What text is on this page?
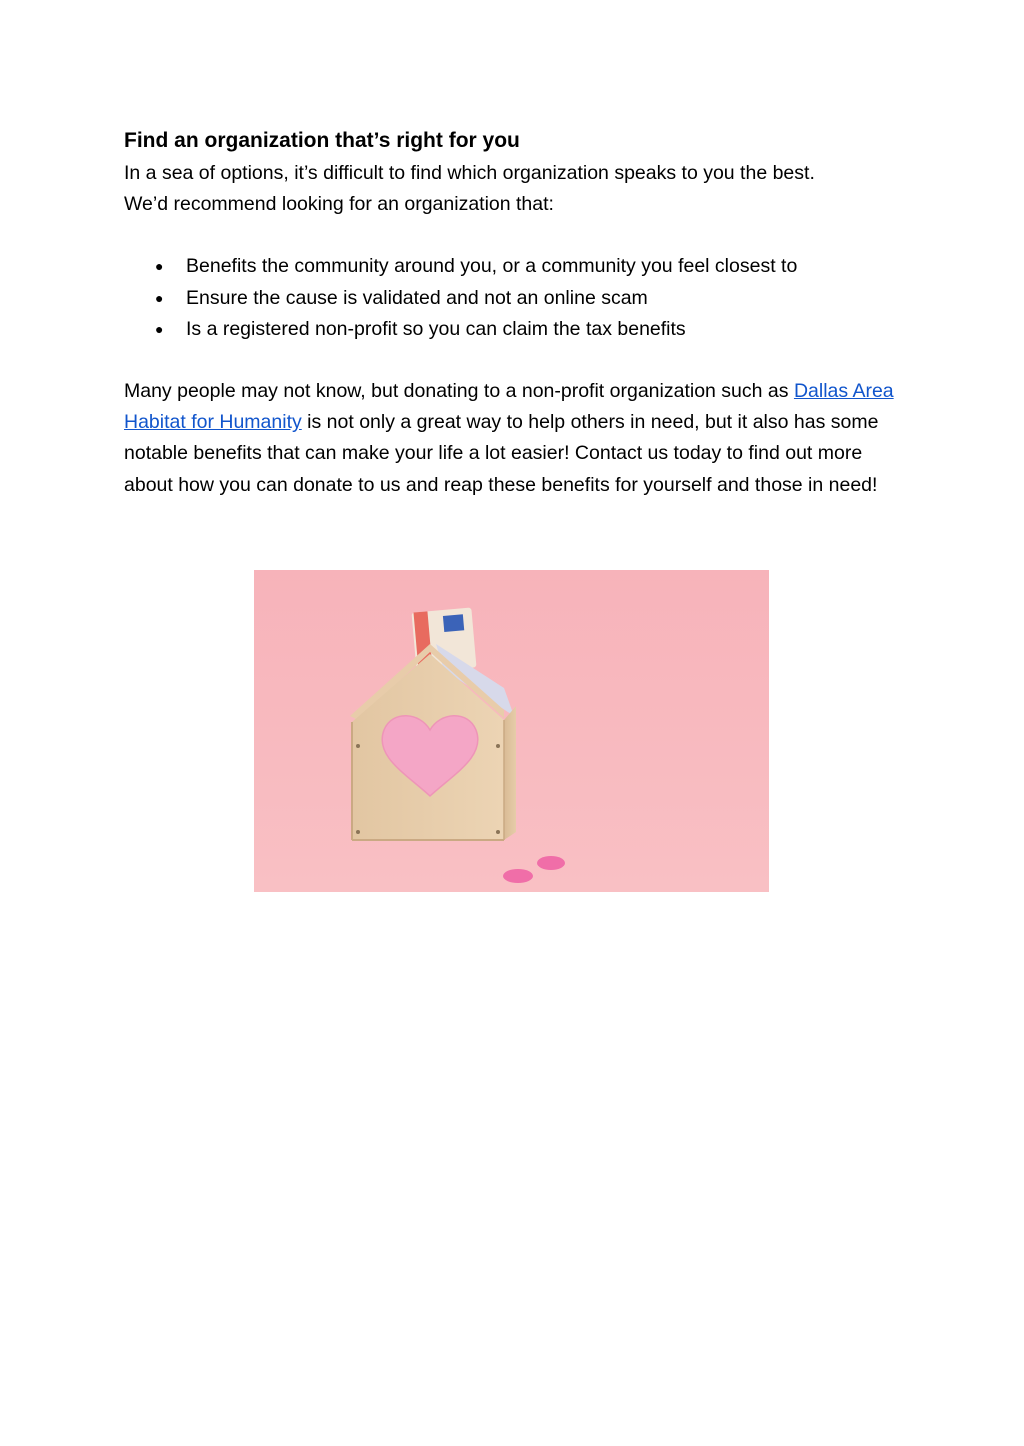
Find an organization that’s right for you

In a sea of options, it’s difficult to find which organization speaks to you the best.
We’d recommend looking for an organization that:

● Benefits the community around you, or a community you feel closest to
● Ensure the cause is validated and not an online scam
● Is a registered non-profit so you can claim the tax benefits

Many people may not know, but donating to a non-profit organization such as Dallas Area Habitat for Humanity is not only a great way to help others in need, but it also has some notable benefits that can make your life a lot easier! Contact us today to find out more about how you can donate to us and reap these benefits for yourself and those in need!
